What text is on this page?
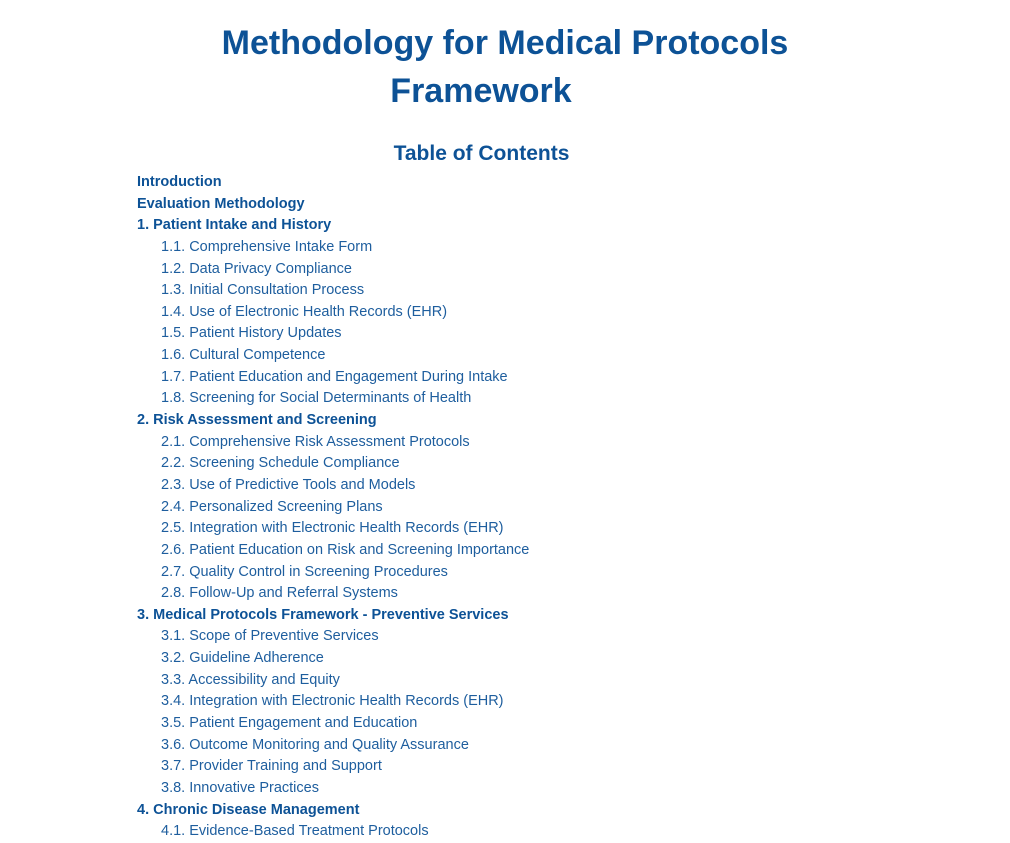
Methodology for Medical Protocols
Framework
Table of Contents
Introduction
Evaluation Methodology
1. Patient Intake and History
1.1. Comprehensive Intake Form
1.2. Data Privacy Compliance
1.3. Initial Consultation Process
1.4. Use of Electronic Health Records (EHR)
1.5. Patient History Updates
1.6. Cultural Competence
1.7. Patient Education and Engagement During Intake
1.8. Screening for Social Determinants of Health
2. Risk Assessment and Screening
2.1. Comprehensive Risk Assessment Protocols
2.2. Screening Schedule Compliance
2.3. Use of Predictive Tools and Models
2.4. Personalized Screening Plans
2.5. Integration with Electronic Health Records (EHR)
2.6. Patient Education on Risk and Screening Importance
2.7. Quality Control in Screening Procedures
2.8. Follow-Up and Referral Systems
3. Medical Protocols Framework - Preventive Services
3.1. Scope of Preventive Services
3.2. Guideline Adherence
3.3. Accessibility and Equity
3.4. Integration with Electronic Health Records (EHR)
3.5. Patient Engagement and Education
3.6. Outcome Monitoring and Quality Assurance
3.7. Provider Training and Support
3.8. Innovative Practices
4. Chronic Disease Management
4.1. Evidence-Based Treatment Protocols
